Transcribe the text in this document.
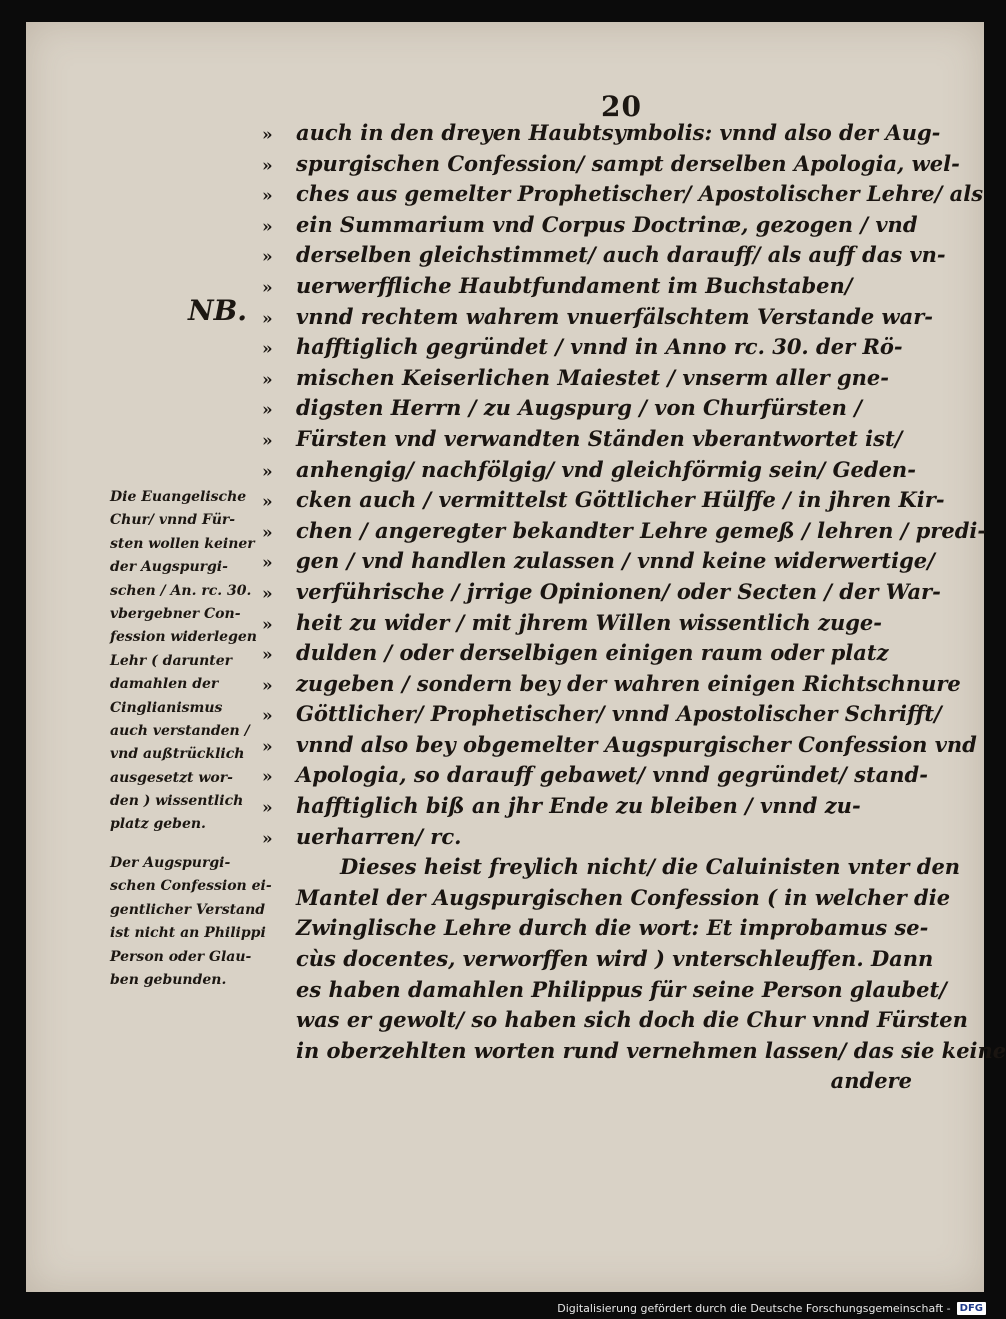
20
NB.
» auch in den dreyen Haubtsymbolis: vnnd also der Aug-
» spurgischen Confession/ sampt derselben Apologia, wel-
» ches aus gemelter Prophetischer/ Apostolischer Lehre/ als
» ein Summarium vnd Corpus Doctrinæ, gezogen / vnd
» derselben gleichstimmet/ auch darauff/ als auff das vn-
» uerwerffliche Haubtfundament im Buchstaben/
» vnnd rechtem wahrem vnuerfälschtem Verstande war-
» hafftiglich gegründet / vnnd in Anno rc. 30. der Rö-
» mischen Keiserlichen Maiestet / vnserm aller gne-
» digsten Herrn / zu Augspurg / von Churfürsten /
» Fürsten vnd verwandten Ständen vberantwortet ist/
» anhengig/ nachfölgig/ vnd gleichförmig sein/ Geden-
» cken auch / vermittelst Göttlicher Hülffe / in jhren Kir-
» chen / angeregter bekandter Lehre gemeß / lehren / predi-
» gen / vnd handlen zulassen / vnnd keine widerwertige/
» verführische / jrrige Opinionen/ oder Secten / der War-
» heit zu wider / mit jhrem Willen wissentlich zuge-
» dulden / oder derselbigen einigen raum oder platz
» zugeben / sondern bey der wahren einigen Richtschnure
» Göttlicher/ Prophetischer/ vnnd Apostolischer Schrifft/
» vnnd also bey obgemelter Augspurgischer Confession vnd
» Apologia, so darauff gebawet/ vnnd gegründet/ stand-
» hafftiglich biß an jhr Ende zu bleiben / vnnd zu-
» uerharren/ rc.
Dieses heist freylich nicht/ die Caluinisten vnter den
Mantel der Augspurgischen Confession ( in welcher die
Zwinglische Lehre durch die wort: Et improbamus se-
cùs docentes, verworffen wird ) vnterschleuffen. Dann
es haben damahlen Philippus für seine Person glaubet/
was er gewolt/ so haben sich doch die Chur vnnd Fürsten
in oberzehlten worten rund vernehmen lassen/ das sie keine
andere
Die Euangelische
Chur/ vnnd Für-
sten wollen keiner
der Augspurgi-
schen / An. rc. 30.
vbergebner Con-
fession widerlegen
Lehr ( darunter
damahlen der
Cinglianismus
auch verstanden /
vnd außtrücklich
ausgesetzt wor-
den ) wissentlich
platz geben.
Der Augspurgi-
schen Confession ei-
gentlicher Verstand
ist nicht an Philippi
Person oder Glau-
ben gebunden.
Digitalisierung gefördert durch die Deutsche Forschungsgemeinschaft - DFG
